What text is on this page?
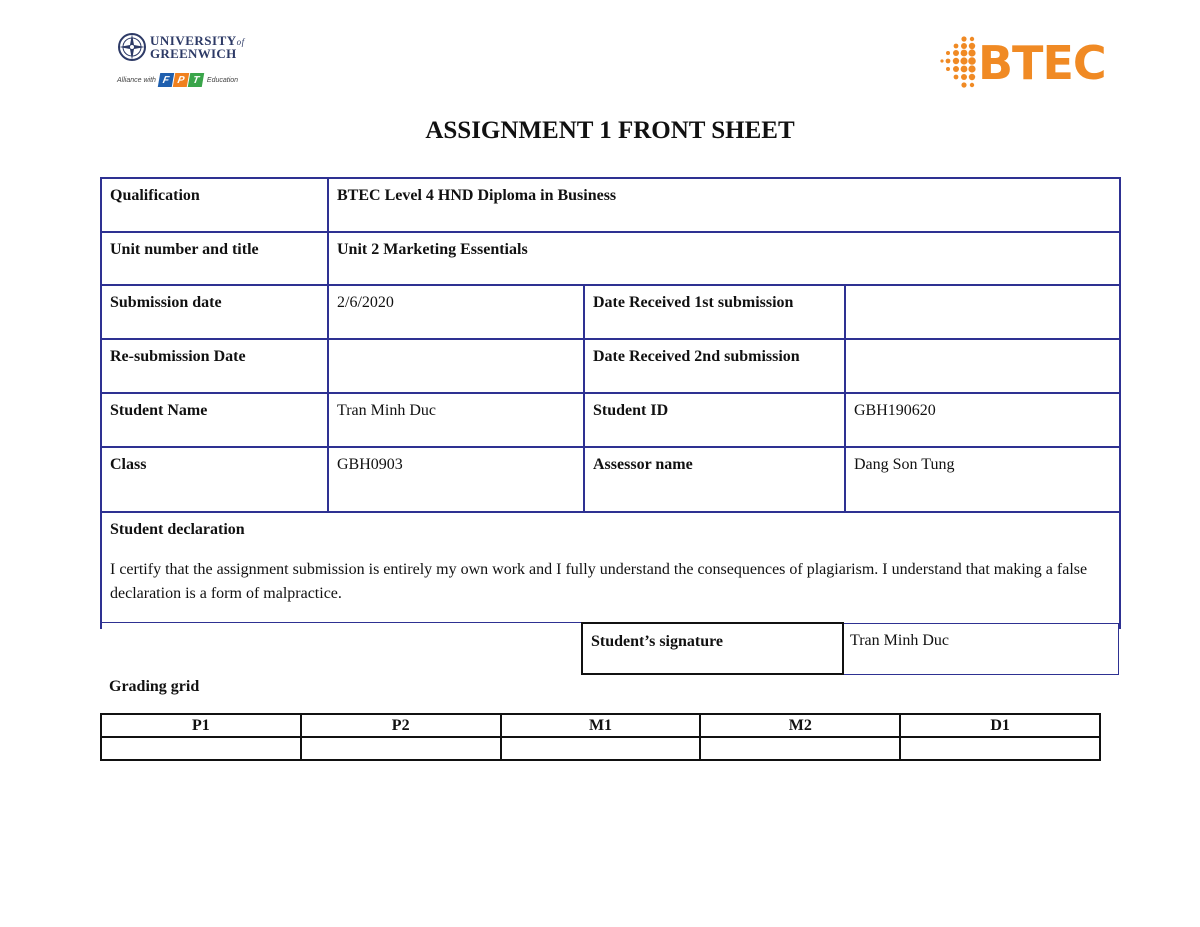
UNIVERSITYof
GREENWICH
Alliance with F P T Education	BTEC
ASSIGNMENT 1 FRONT SHEET
Qualification	BTEC Level 4 HND Diploma in Business		
Unit number and title	Unit 2 Marketing Essentials		
Submission date	2/6/2020	Date Received 1st submission	
Re-submission Date		Date Received 2nd submission	
Student Name	Tran Minh Duc	Student ID	GBH190620
Class	GBH0903	Assessor name	Dang Son Tung

Student declaration
I certify that the assignment submission is entirely my own work and I fully understand the consequences of plagiarism. I understand that making a false declaration is a form of malpractice.			
Student’s signature	Tran Minh Duc
Grading grid
P1	P2	M1	M2	D1
